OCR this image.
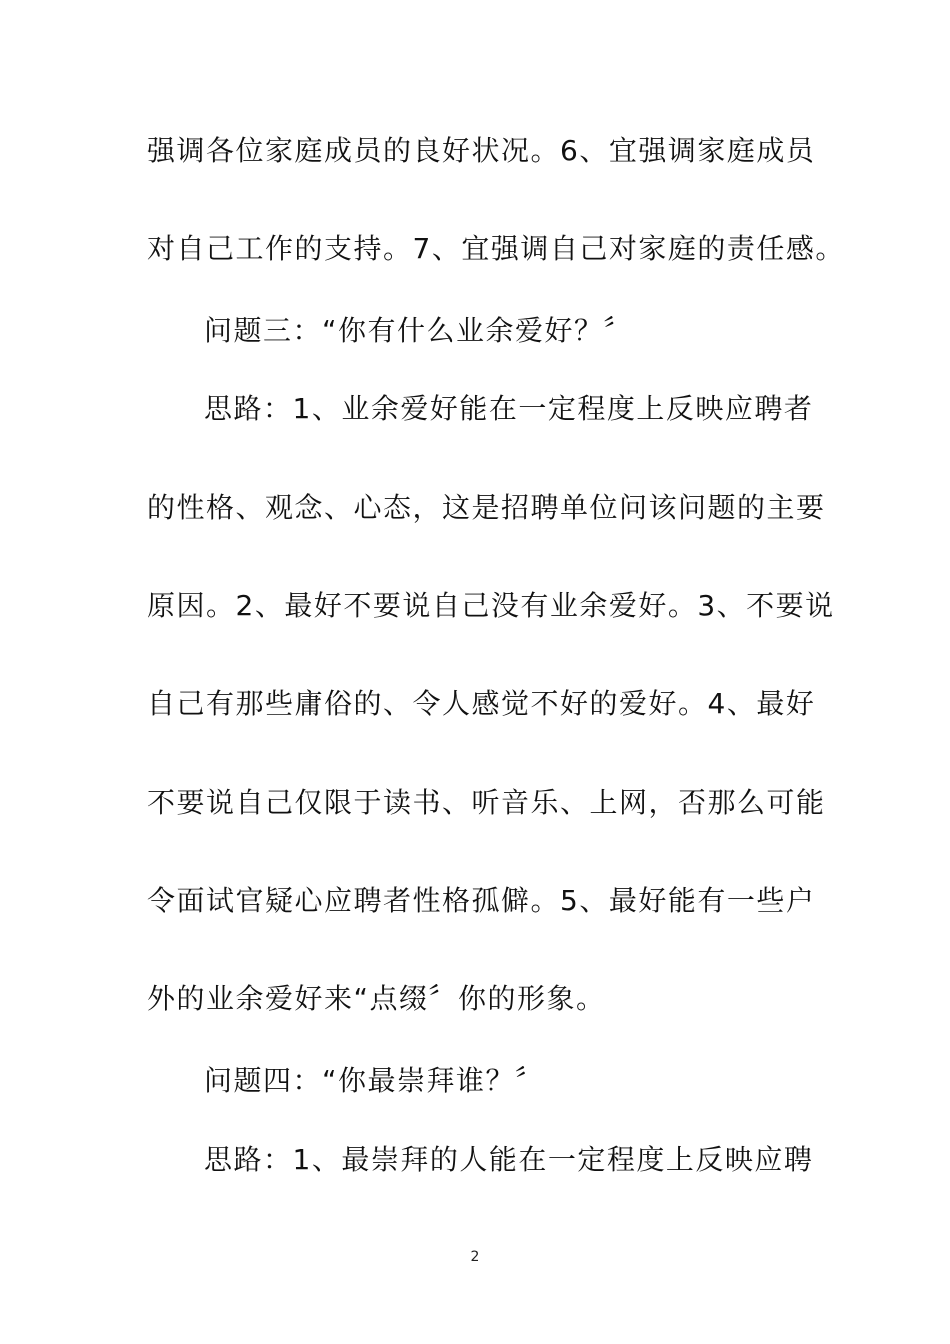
强调各位家庭成员的良好状况。6、宜强调家庭成员
对自己工作的支持。7、宜强调自己对家庭的责任感。
问题三：“你有什么业余爱好？〞
思路：1、业余爱好能在一定程度上反映应聘者
的性格、观念、心态，这是招聘单位问该问题的主要
原因。2、最好不要说自己没有业余爱好。3、不要说
自己有那些庸俗的、令人感觉不好的爱好。4、最好
不要说自己仅限于读书、听音乐、上网，否那么可能
令面试官疑心应聘者性格孤僻。5、最好能有一些户
外的业余爱好来“点缀〞你的形象。
问题四：“你最崇拜谁？〞
思路：1、最崇拜的人能在一定程度上反映应聘
2
